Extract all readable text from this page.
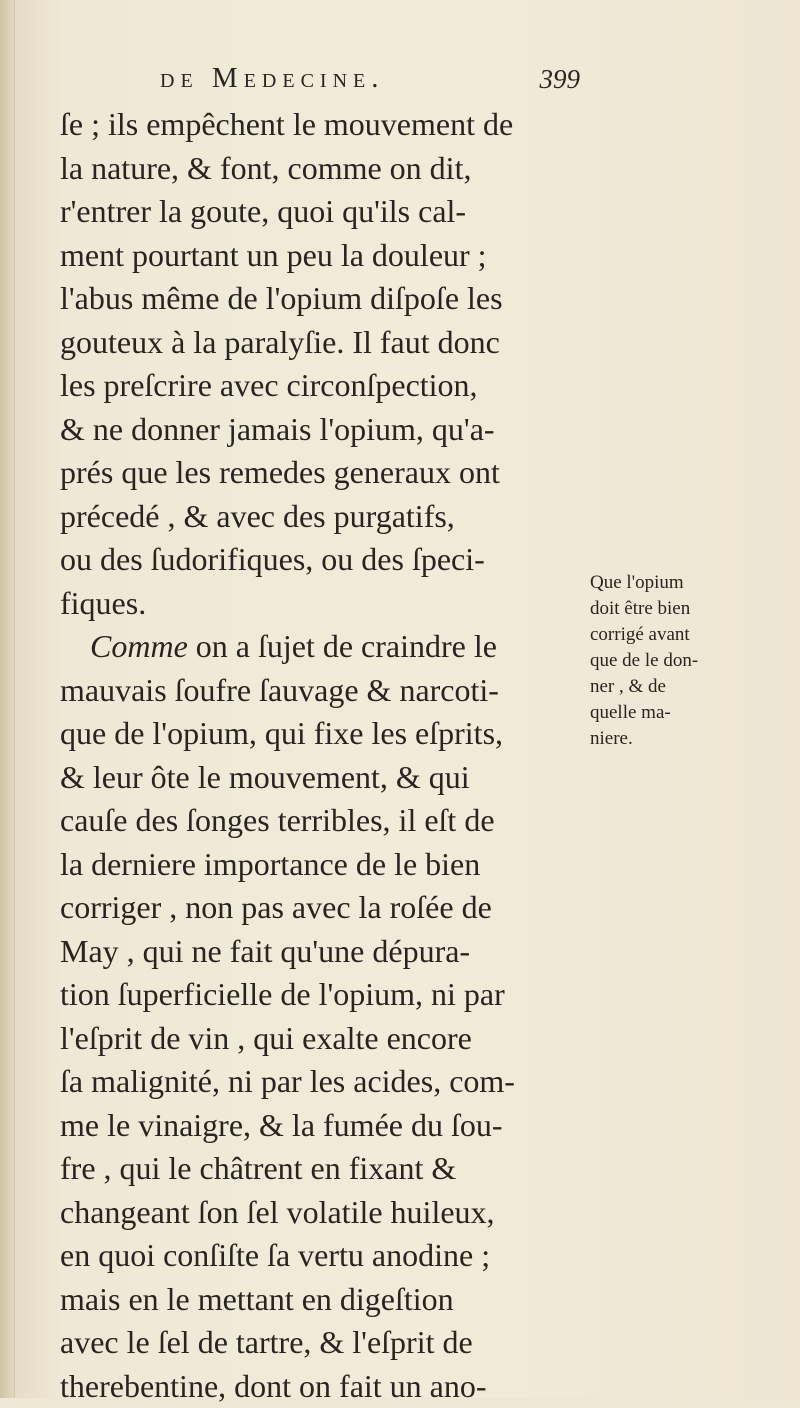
de Medecine.	399
ſe ; ils empêchent le mouvement de
la nature, & font, comme on dit,
r'entrer la goute, quoi qu'ils cal-
ment pourtant un peu la douleur ;
l'abus même de l'opium diſpoſe les
gouteux à la paralyſie. Il faut donc
les preſcrire avec circonſpection,
& ne donner jamais l'opium, qu'a-
prés que les remedes generaux ont
précedé , & avec des purgatifs,
ou des ſudorifiques, ou des ſpeci-
fiques.
Comme on a ſujet de craindre le
mauvais ſoufre ſauvage & narcoti-
que de l'opium, qui fixe les eſprits,
& leur ôte le mouvement, & qui
cauſe des ſonges terribles, il eſt de
la derniere importance de le bien
corriger , non pas avec la roſée de
May , qui ne fait qu'une dépura-
tion ſuperficielle de l'opium, ni par
l'eſprit de vin , qui exalte encore
ſa malignité, ni par les acides, com-
me le vinaigre, & la fumée du ſou-
fre , qui le châtrent en fixant &
changeant ſon ſel volatile huileux,
en quoi conſiſte ſa vertu anodine ;
mais en le mettant en digeſtion
avec le ſel de tartre, & l'eſprit de
therebentine, dont on fait un ano-
Que l'opium
doit être bien
corrigé avant
que de le don-
ner , & de
quelle ma-
niere.
